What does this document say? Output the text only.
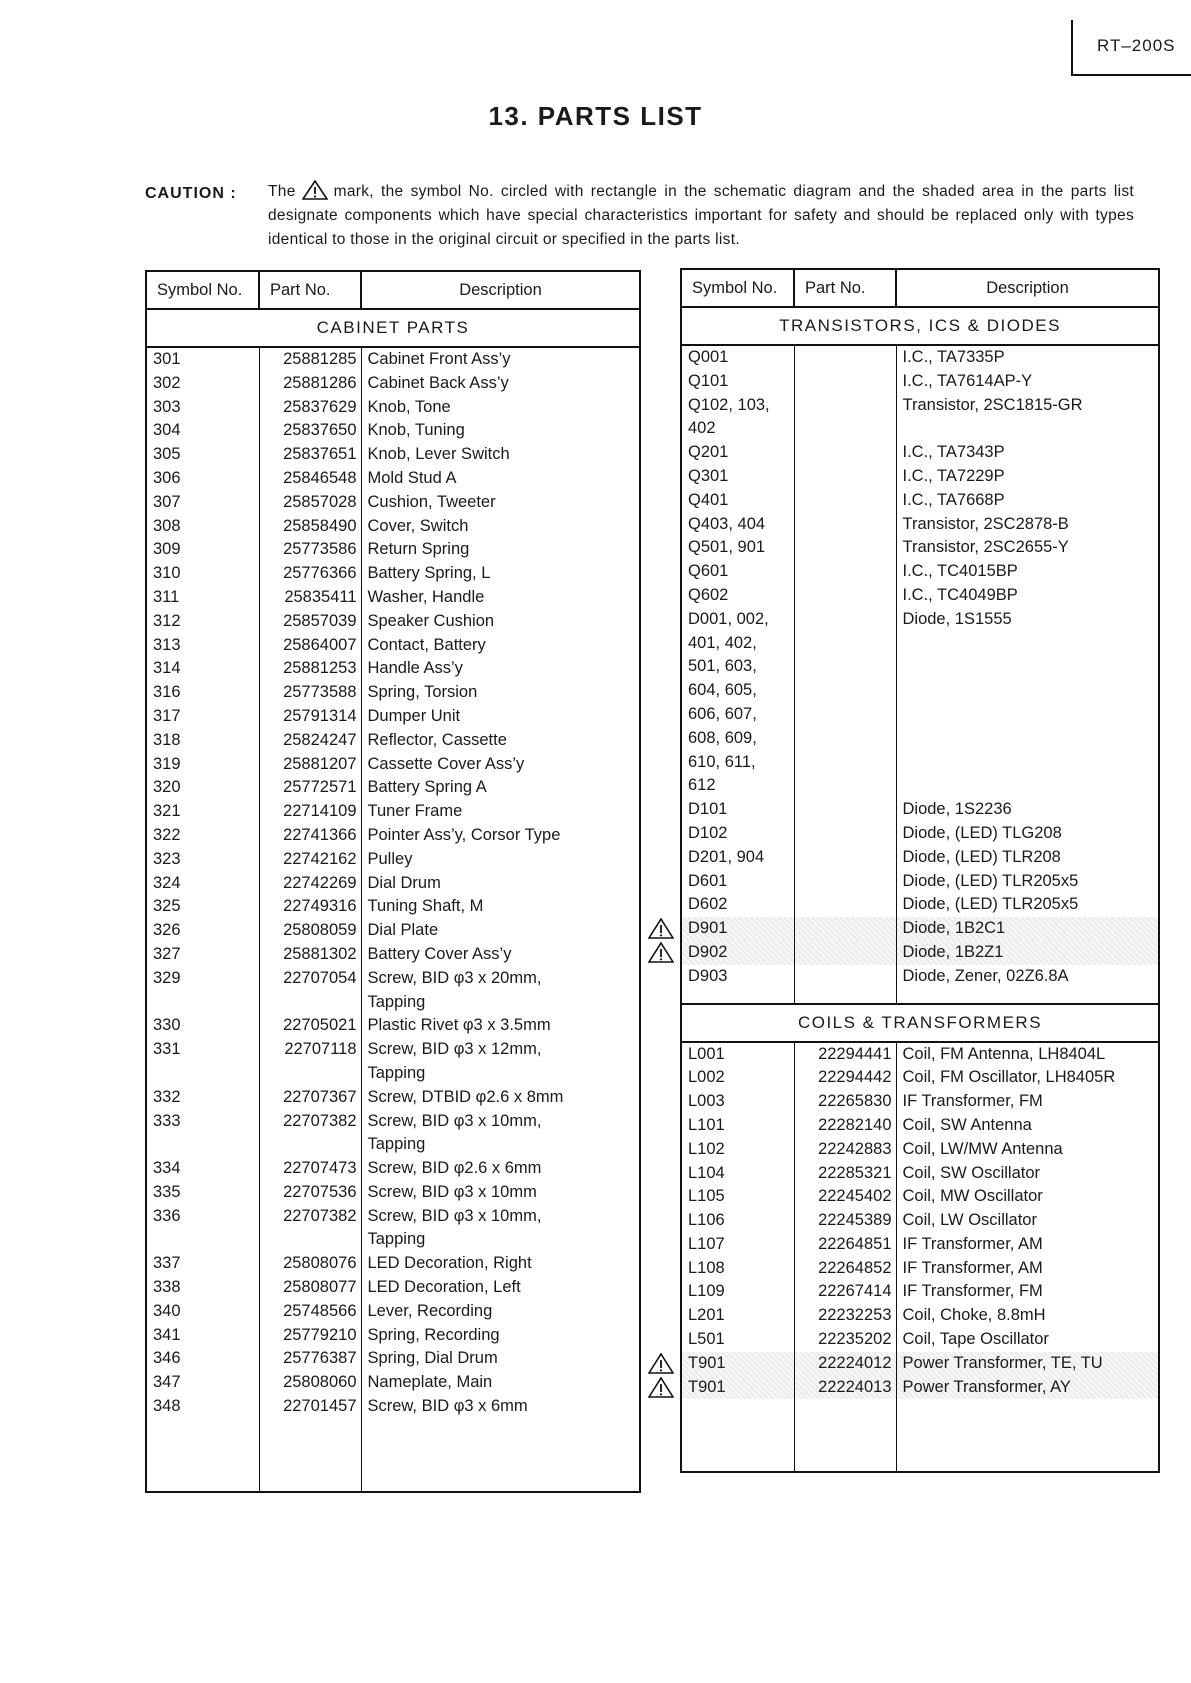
RT–200S
13. PARTS LIST
CAUTION : The mark, the symbol No. circled with rectangle in the schematic diagram and the shaded area in the parts list designate components which have special characteristics important for safety and should be replaced only with types identical to those in the original circuit or specified in the parts list.
Symbol No.	Part No.	Description
CABINET PARTS		
301	25881285	Cabinet Front Ass’y
302	25881286	Cabinet Back Ass’y
303	25837629	Knob, Tone
304	25837650	Knob, Tuning
305	25837651	Knob, Lever Switch
306	25846548	Mold Stud A
307	25857028	Cushion, Tweeter
308	25858490	Cover, Switch
309	25773586	Return Spring
310	25776366	Battery Spring, L
311	25835411	Washer, Handle
312	25857039	Speaker Cushion
313	25864007	Contact, Battery
314	25881253	Handle Ass’y
316	25773588	Spring, Torsion
317	25791314	Dumper Unit
318	25824247	Reflector, Cassette
319	25881207	Cassette Cover Ass’y
320	25772571	Battery Spring A
321	22714109	Tuner Frame
322	22741366	Pointer Ass’y, Corsor Type
323	22742162	Pulley
324	22742269	Dial Drum
325	22749316	Tuning Shaft, M
326	25808059	Dial Plate
327	25881302	Battery Cover Ass’y
329	22707054	Screw, BID φ3 x 20mm,
		Tapping
330	22705021	Plastic Rivet φ3 x 3.5mm
331	22707118	Screw, BID φ3 x 12mm,
		Tapping
332	22707367	Screw, DTBID φ2.6 x 8mm
333	22707382	Screw, BID φ3 x 10mm,
		Tapping
334	22707473	Screw, BID φ2.6 x 6mm
335	22707536	Screw, BID φ3 x 10mm
336	22707382	Screw, BID φ3 x 10mm,
		Tapping
337	25808076	LED Decoration, Right
338	25808077	LED Decoration, Left
340	25748566	Lever, Recording
341	25779210	Spring, Recording
346	25776387	Spring, Dial Drum
347	25808060	Nameplate, Main
348	22701457	Screw, BID φ3 x 6mm

Symbol No.	Part No.	Description
TRANSISTORS, ICS & DIODES		
Q001		I.C., TA7335P
Q101		I.C., TA7614AP-Y
Q102, 103,		Transistor, 2SC1815-GR
402		
Q201		I.C., TA7343P
Q301		I.C., TA7229P
Q401		I.C., TA7668P
Q403, 404		Transistor, 2SC2878-B
Q501, 901		Transistor, 2SC2655-Y
Q601		I.C., TC4015BP
Q602		I.C., TC4049BP
D001, 002,		Diode, 1S1555
401, 402,		
501, 603,		
604, 605,		
606, 607,		
608, 609,		
610, 611,		
612		
D101		Diode, 1S2236
D102		Diode, (LED) TLG208
D201, 904		Diode, (LED) TLR208
D601		Diode, (LED) TLR205x5
D602		Diode, (LED) TLR205x5
D901		Diode, 1B2C1
D902		Diode, 1B2Z1
D903		Diode, Zener, 02Z6.8A

COILS & TRANSFORMERS		
L001	22294441	Coil, FM Antenna, LH8404L
L002	22294442	Coil, FM Oscillator, LH8405R
L003	22265830	IF Transformer, FM
L101	22282140	Coil, SW Antenna
L102	22242883	Coil, LW/MW Antenna
L104	22285321	Coil, SW Oscillator
L105	22245402	Coil, MW Oscillator
L106	22245389	Coil, LW Oscillator
L107	22264851	IF Transformer, AM
L108	22264852	IF Transformer, AM
L109	22267414	IF Transformer, FM
L201	22232253	Coil, Choke, 8.8mH
L501	22235202	Coil, Tape Oscillator
T901	22224012	Power Transformer, TE, TU
T901	22224013	Power Transformer, AY
